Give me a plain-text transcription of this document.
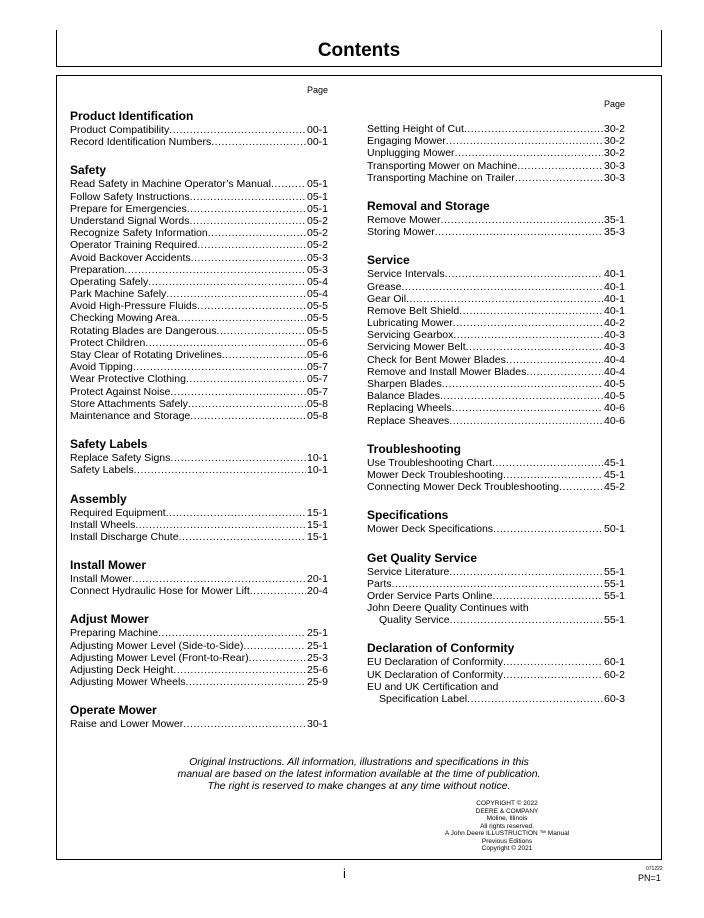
Contents
Page
Product Identification
Product Compatibility .....	00-1
Record Identification Numbers .....	00-1
Safety
Read Safety in Machine Operator’s Manual .....	05-1
Follow Safety Instructions .....	05-1
Prepare for Emergencies .....	05-1
Understand Signal Words .....	05-2
Recognize Safety Information .....	05-2
Operator Training Required .....	05-2
Avoid Backover Accidents .....	05-3
Preparation .....	05-3
Operating Safely .....	05-4
Park Machine Safely .....	05-4
Avoid High-Pressure Fluids .....	05-5
Checking Mowing Area .....	05-5
Rotating Blades are Dangerous .....	05-5
Protect Children .....	05-6
Stay Clear of Rotating Drivelines .....	05-6
Avoid Tipping .....	05-7
Wear Protective Clothing .....	05-7
Protect Against Noise .....	05-7
Store Attachments Safely .....	05-8
Maintenance and Storage .....	05-8
Safety Labels
Replace Safety Signs .....	10-1
Safety Labels .....	10-1
Assembly
Required Equipment .....	15-1
Install Wheels .....	15-1
Install Discharge Chute .....	15-1
Install Mower
Install Mower .....	20-1
Connect Hydraulic Hose for Mower Lift .....	20-4
Adjust Mower
Preparing Machine .....	25-1
Adjusting Mower Level (Side-to-Side) .....	25-1
Adjusting Mower Level (Front-to-Rear) .....	25-3
Adjusting Deck Height .....	25-6
Adjusting Mower Wheels .....	25-9
Operate Mower
Raise and Lower Mower .....	30-1
Page
Setting Height of Cut .....	30-2
Engaging Mower .....	30-2
Unplugging Mower .....	30-2
Transporting Mower on Machine .....	30-3
Transporting Machine on Trailer .....	30-3
Removal and Storage
Remove Mower .....	35-1
Storing Mower .....	35-3
Service
Service Intervals .....	40-1
Grease .....	40-1
Gear Oil .....	40-1
Remove Belt Shield .....	40-1
Lubricating Mower .....	40-2
Servicing Gearbox .....	40-3
Servicing Mower Belt .....	40-3
Check for Bent Mower Blades .....	40-4
Remove and Install Mower Blades .....	40-4
Sharpen Blades .....	40-5
Balance Blades .....	40-5
Replacing Wheels .....	40-6
Replace Sheaves .....	40-6
Troubleshooting
Use Troubleshooting Chart .....	45-1
Mower Deck Troubleshooting .....	45-1
Connecting Mower Deck Troubleshooting .....	45-2
Specifications
Mower Deck Specifications .....	50-1
Get Quality Service
Service Literature .....	55-1
Parts .....	55-1
Order Service Parts Online .....	55-1
John Deere Quality Continues with
Quality Service .....	55-1
Declaration of Conformity
EU Declaration of Conformity .....	60-1
UK Declaration of Conformity .....	60-2
EU and UK Certification and
Specification Label .....	60-3
Original Instructions. All information, illustrations and specifications in this
manual are based on the latest information available at the time of publication.
The right is reserved to make changes at any time without notice.
COPYRIGHT © 2022
DEERE & COMPANY
Moline, Illinois
All rights reserved.
A John Deere ILLUSTRUCTION ™ Manual
Previous Editions
Copyright © 2021
i	071222
PN=1
